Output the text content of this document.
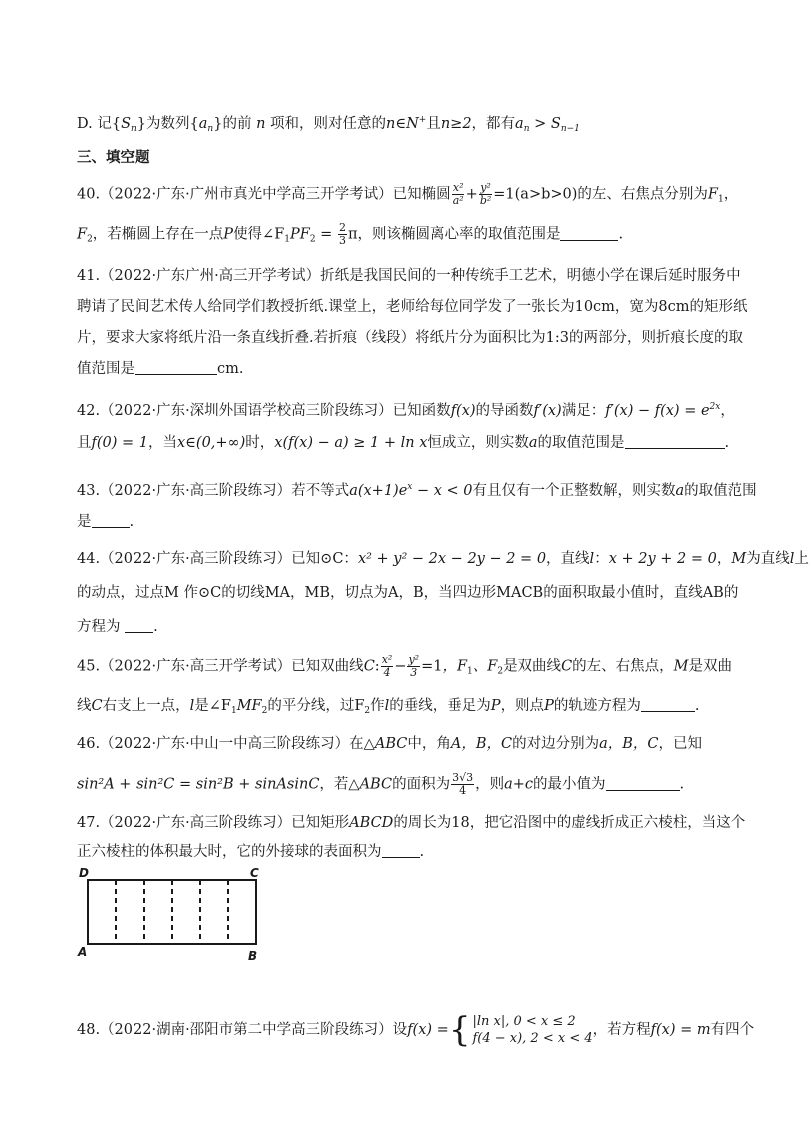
D. 记$\{S_n\}$为数列$\{a_n\}$的前 n 项和，则对任意的n∈N+且n≥2，都有$a_n > S_{n-1}$
三、填空题
40.（2022·广东·广州市真光中学高三开学考试）已知椭圆 $\frac{\text{x²}}{\text{a²}} + \frac{\text{y²}}{\text{b²}} =1(a>b>0)$的左、右焦点分别为$F_1$，
$F_2$，若椭圆上存在一点P使得$\angle F_1PF_2 = \frac{2}{3}$ π，则该椭圆离心率的取值范围是	.
41.（2022·广东广州·高三开学考试）折纸是我国民间的一种传统手工艺术，明德小学在课后延时服务中
聘请了民间艺术传人给同学们教授折纸.课堂上，老师给每位同学发了一张长为10cm，宽为8cm的矩形纸
片，要求大家将纸片沿一条直线折叠.若折痕（线段）将纸片分为面积比为1:3的两部分，则折痕长度的取
值范围是	cm.
42.（2022·广东·深圳外国语学校高三阶段练习）已知函数f(x)的导函数f′(x)满足：$f'(x) - f(x) = e^{2x}$，
且f(0) = 1，当x∈(0,+∞)时，x(f(x) − a) ≥ 1 + ln x恒成立，则实数a的取值范围是	.
43.（2022·广东·高三阶段练习）若不等式$a(x+1)e^x - x < 0$有且仅有一个正整数解，则实数a的取值范围
是	.
44.（2022·广东·高三阶段练习）已知⊙C：x² + y² − 2x − 2y − 2 = 0，直线l：x + 2y + 2 = 0，M为直线l上
的动点，过点M 作⊙C的切线MA，MB，切点为A，B，当四边形MACB的面积取最小值时，直线AB的
方程为 .
45.（2022·广东·高三开学考试）已知双曲线C: $\frac{\text{x²}}{4} - \frac{\text{y²}}{3} =1$，$F_1$、$F_2$是双曲线C的左、右焦点，M是双曲
线C右支上一点，l是$\angle F_1MF_2$的平分线，过$F_2$作l的垂线，垂足为P，则点P的轨迹方程为	.
46.（2022·广东·中山一中高三阶段练习）在△ABC中，角A，B，C的对边分别为a，B，C，已知
sin²A + sin²C = sin²B + sinAsinC，若△ABC的面积为 $\frac{3√3}{4}$ ，则a+c的最小值为	.
47.（2022·广东·高三阶段练习）已知矩形ABCD的周长为18，把它沿图中的虚线折成正六棱柱，当这个
正六棱柱的体积最大时，它的外接球的表面积为	.
D	C
A	B
48.（2022·湖南·邵阳市第二中学高三阶段练习）设f(x) = { |ln x|, 0 < x ≤ 2
f(4 − x), 2 < x < 4
，若方程f(x) = m有四个
